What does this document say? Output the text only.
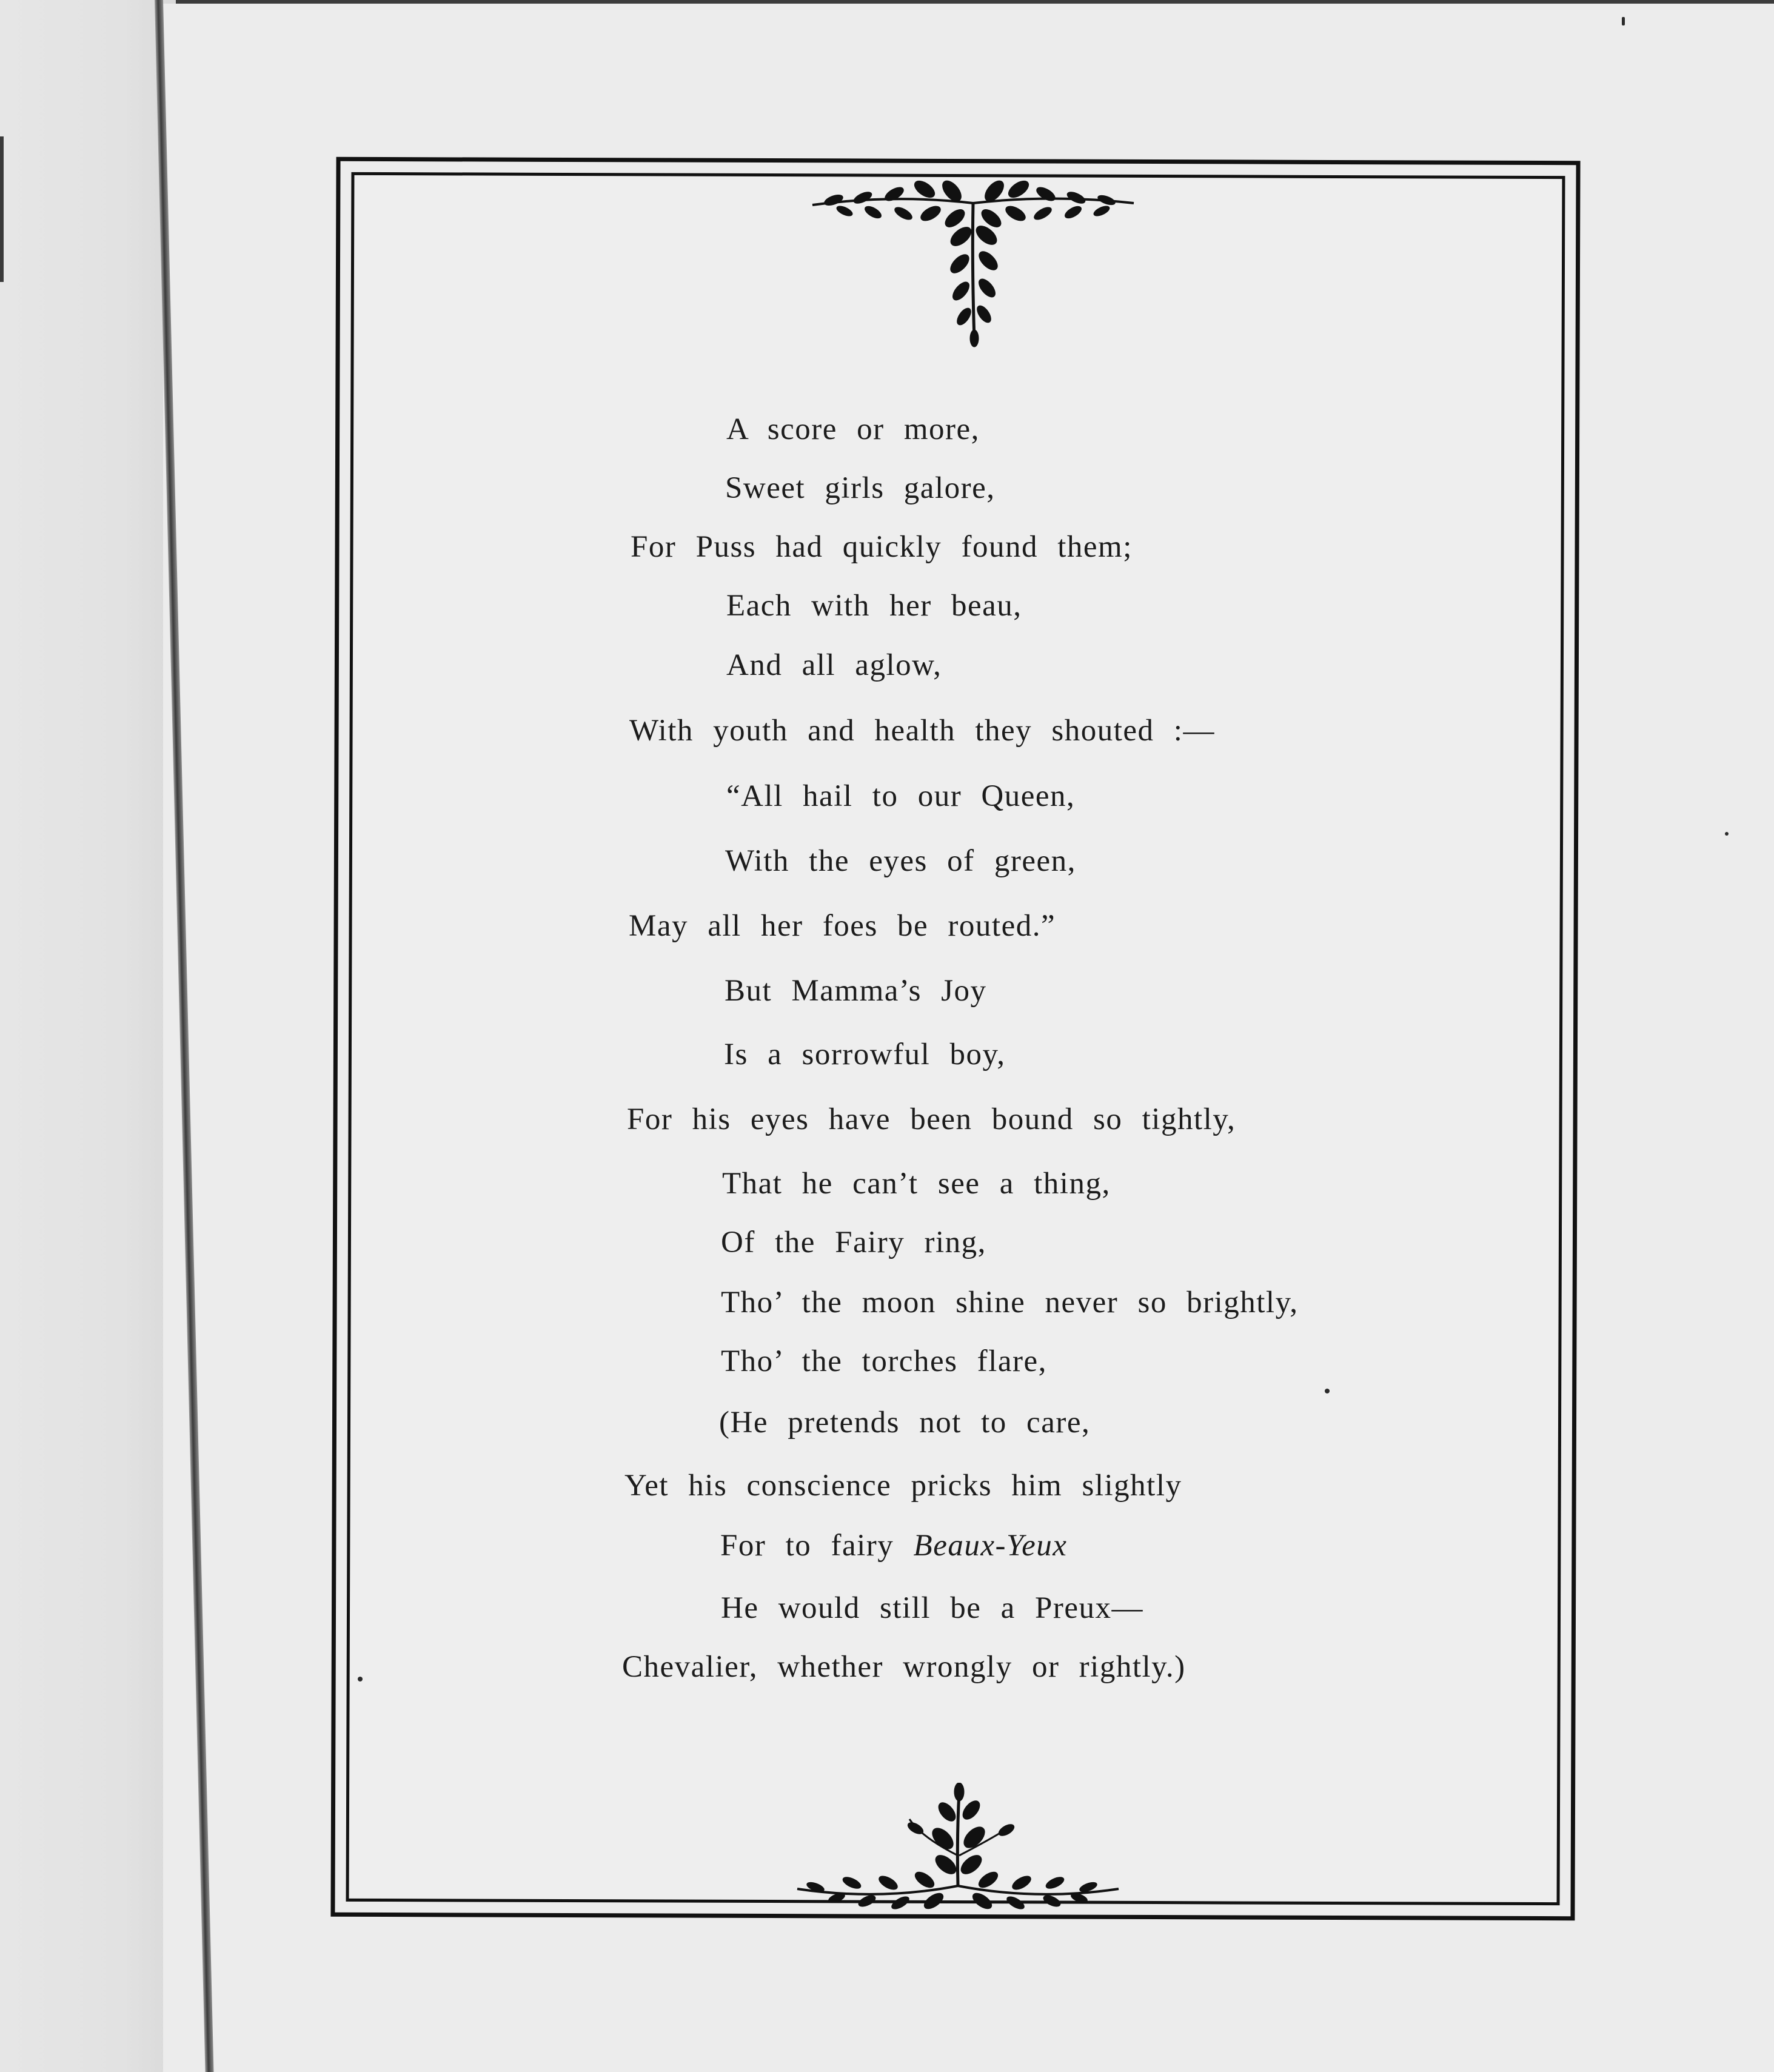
A score or more,
Sweet girls galore,
For Puss had quickly found them;
Each with her beau,
And all aglow,
With youth and health they shouted :—
“All hail to our Queen,
With the eyes of green,
May all her foes be routed.”
But Mamma’s Joy
Is a sorrowful boy,
For his eyes have been bound so tightly,
That he can’t see a thing,
Of the Fairy ring,
Tho’ the moon shine never so brightly,
Tho’ the torches flare,
(He pretends not to care,
Yet his conscience pricks him slightly
For to fairy Beaux-Yeux
He would still be a Preux—
Chevalier, whether wrongly or rightly.)
